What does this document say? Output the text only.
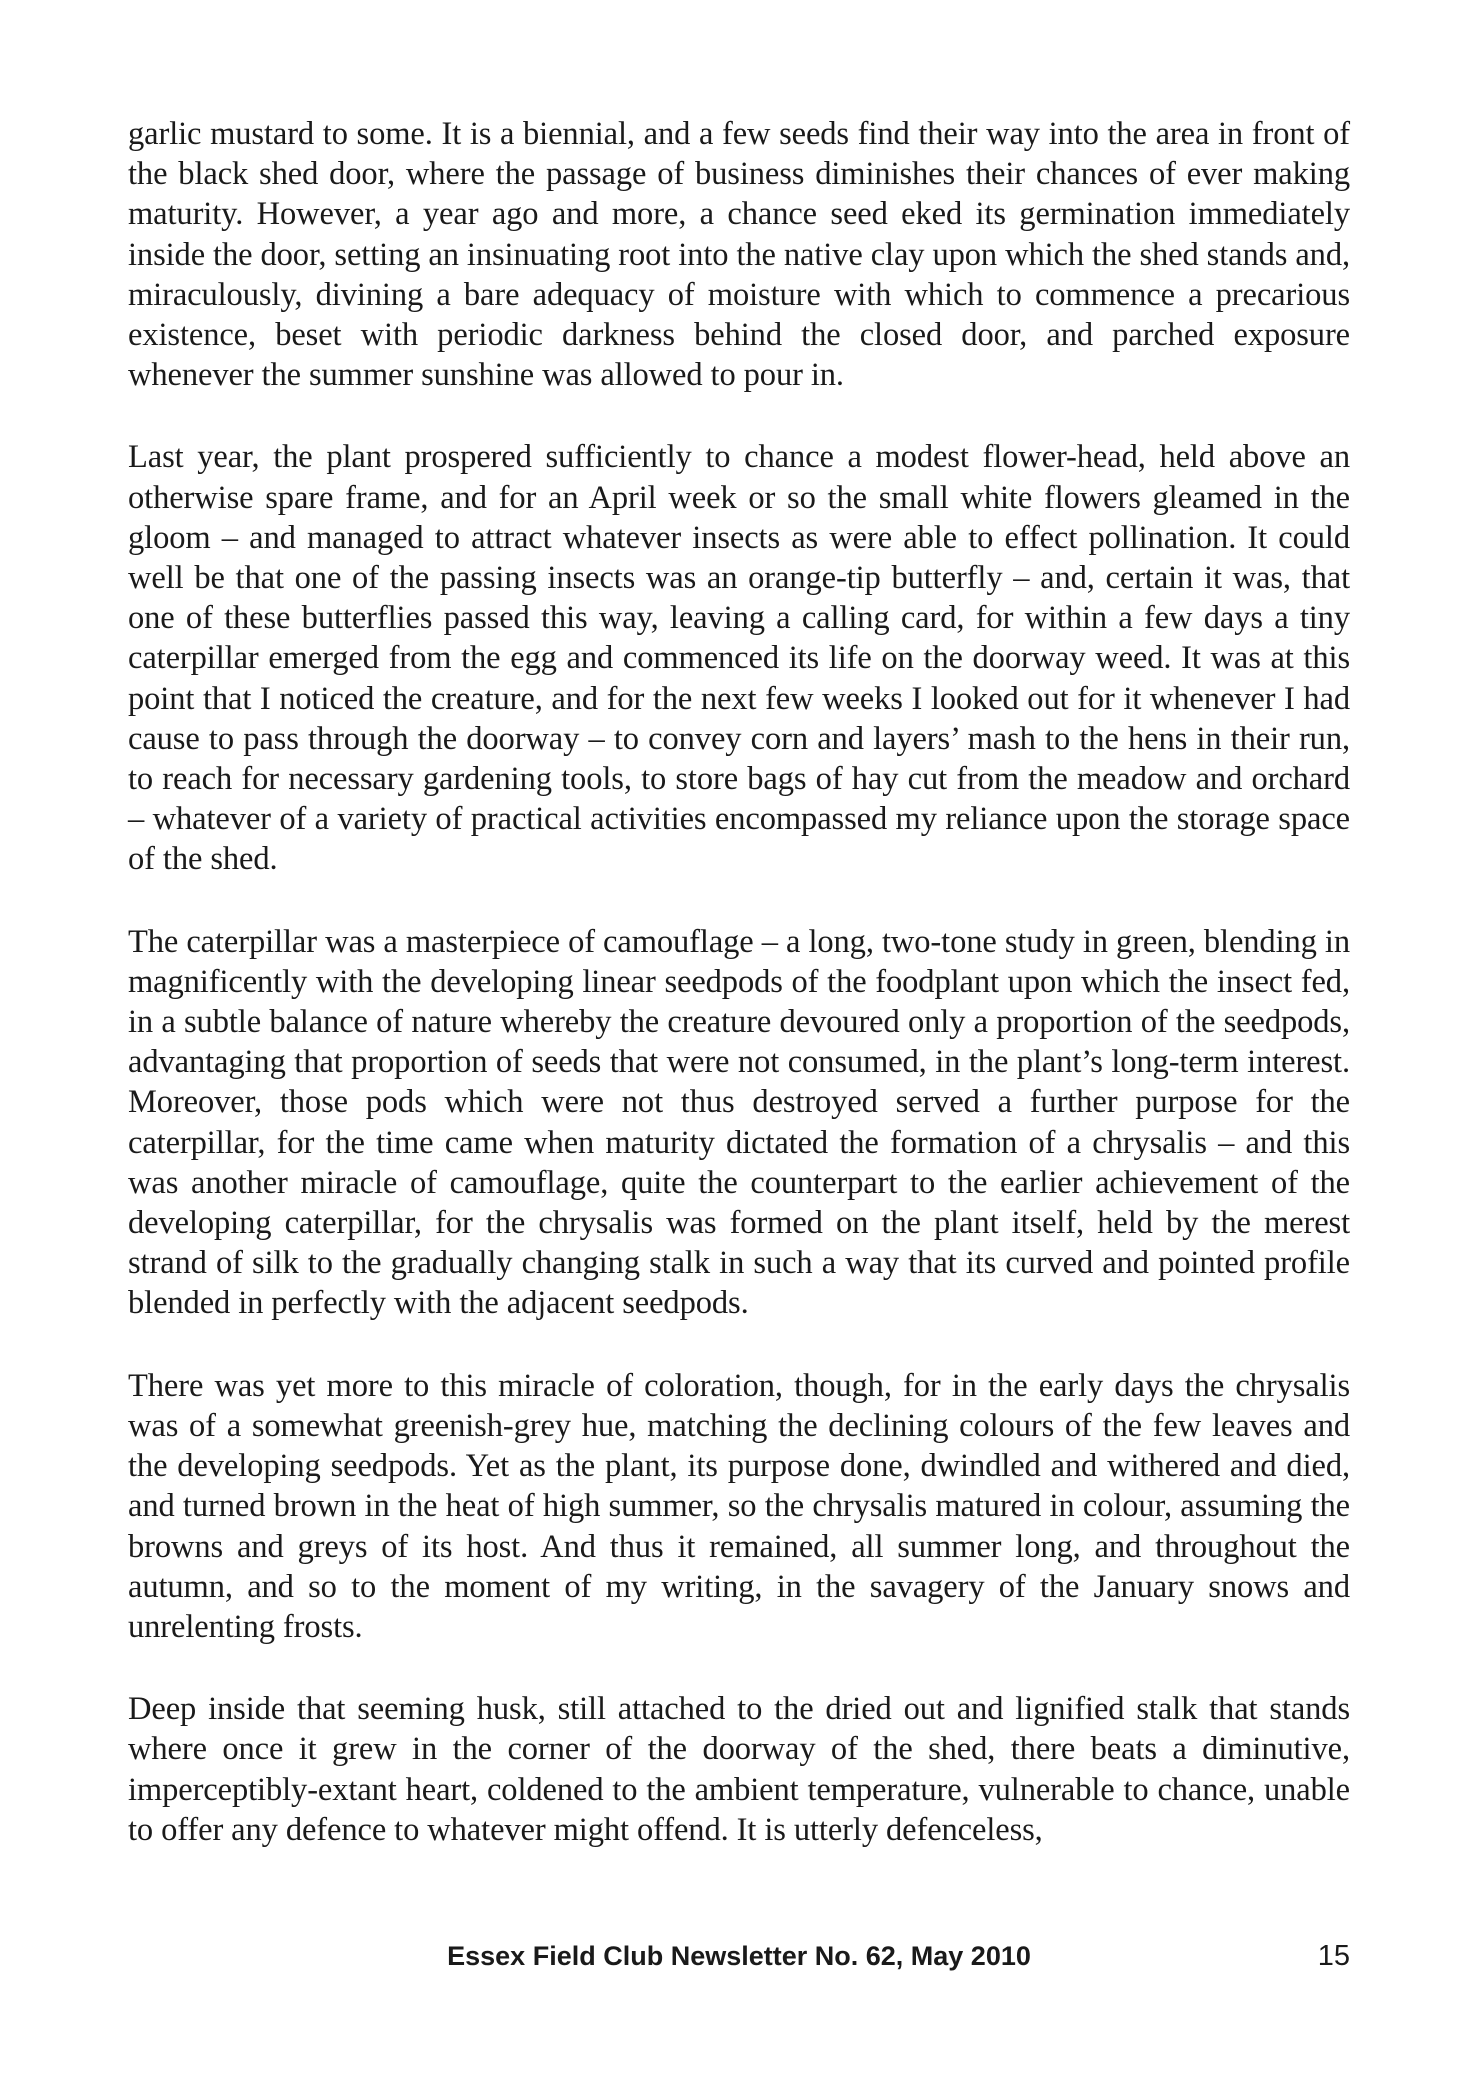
garlic mustard to some. It is a biennial, and a few seeds find their way into the area in front of the black shed door, where the passage of business diminishes their chances of ever making maturity. However, a year ago and more, a chance seed eked its germination immediately inside the door, setting an insinuating root into the native clay upon which the shed stands and, miraculously, divining a bare adequacy of moisture with which to commence a precarious existence, beset with periodic darkness behind the closed door, and parched exposure whenever the summer sunshine was allowed to pour in.

Last year, the plant prospered sufficiently to chance a modest flower-head, held above an otherwise spare frame, and for an April week or so the small white flowers gleamed in the gloom – and managed to attract whatever insects as were able to effect pollination. It could well be that one of the passing insects was an orange-tip butterfly – and, certain it was, that one of these butterflies passed this way, leaving a calling card, for within a few days a tiny caterpillar emerged from the egg and commenced its life on the doorway weed. It was at this point that I noticed the creature, and for the next few weeks I looked out for it whenever I had cause to pass through the doorway – to convey corn and layers’ mash to the hens in their run, to reach for necessary gardening tools, to store bags of hay cut from the meadow and orchard – whatever of a variety of practical activities encompassed my reliance upon the storage space of the shed.

The caterpillar was a masterpiece of camouflage – a long, two-tone study in green, blending in magnificently with the developing linear seedpods of the foodplant upon which the insect fed, in a subtle balance of nature whereby the creature devoured only a proportion of the seedpods, advantaging that proportion of seeds that were not consumed, in the plant’s long-term interest. Moreover, those pods which were not thus destroyed served a further purpose for the caterpillar, for the time came when maturity dictated the formation of a chrysalis – and this was another miracle of camouflage, quite the counterpart to the earlier achievement of the developing caterpillar, for the chrysalis was formed on the plant itself, held by the merest strand of silk to the gradually changing stalk in such a way that its curved and pointed profile blended in perfectly with the adjacent seedpods.

There was yet more to this miracle of coloration, though, for in the early days the chrysalis was of a somewhat greenish-grey hue, matching the declining colours of the few leaves and the developing seedpods. Yet as the plant, its purpose done, dwindled and withered and died, and turned brown in the heat of high summer, so the chrysalis matured in colour, assuming the browns and greys of its host. And thus it remained, all summer long, and throughout the autumn, and so to the moment of my writing, in the savagery of the January snows and unrelenting frosts.

Deep inside that seeming husk, still attached to the dried out and lignified stalk that stands where once it grew in the corner of the doorway of the shed, there beats a diminutive, imperceptibly-extant heart, coldened to the ambient temperature, vulnerable to chance, unable to offer any defence to whatever might offend. It is utterly defenceless,

Essex Field Club Newsletter No. 62, May 2010	15
